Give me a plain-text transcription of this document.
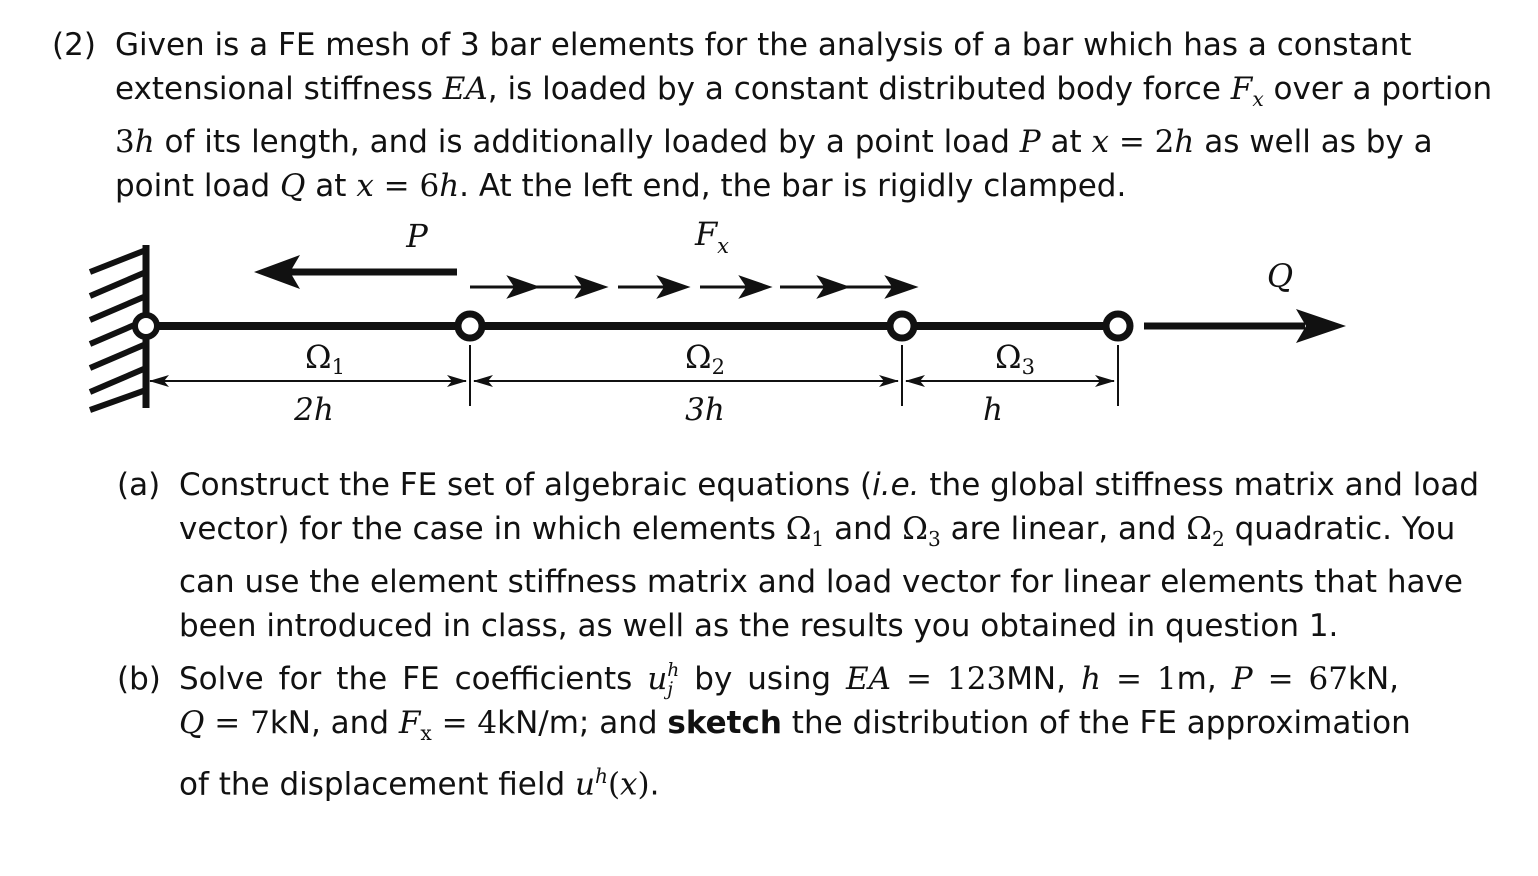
(2) Given is a FE mesh of 3 bar elements for the analysis of a bar which has a constant
extensional stiffness EA, is loaded by a constant distributed body force $F_x$ over a portion
3h of its length, and is additionally loaded by a point load P at x = 2h as well as by a
point load Q at x = 6h. At the left end, the bar is rigidly clamped.

P	$F_x$
Q
Ω1	Ω2	Ω3
2h	3h	h
(a) Construct the FE set of algebraic equations (i.e. the global stiffness matrix and load
vector) for the case in which elements $\Omega_1$ and $\Omega_3$ are linear, and $\Omega_2$ quadratic. You
can use the element stiffness matrix and load vector for linear elements that have
been introduced in class, as well as the results you obtained in question 1.

(b) Solve for the FE coefficients u h
j by using EA = 123MN, h = 1m, P = 67kN,
Q = 7kN, and $F_x = 4kN/m$; and sketch the distribution of the FE approximation
of the displacement field $u^h(x)$.
